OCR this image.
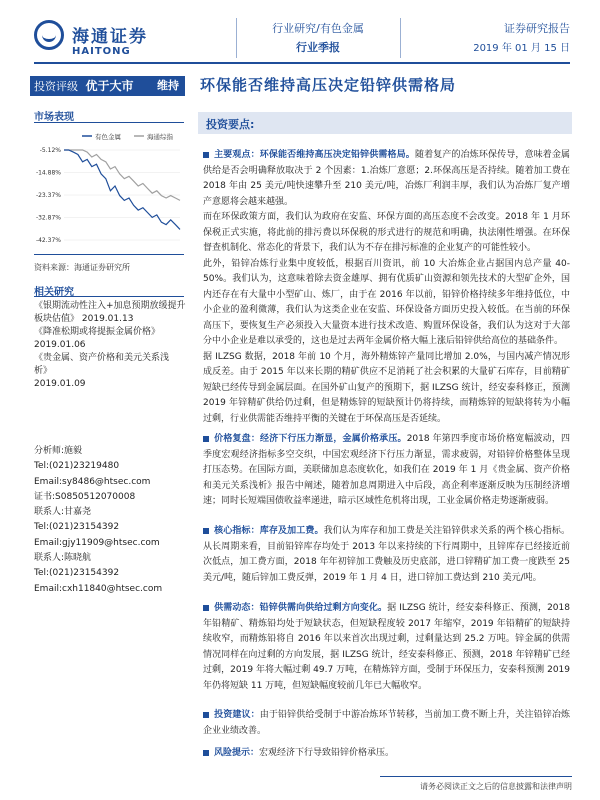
海通证券
HAITONG
行业研究/有色金属
行业季报
证券研究报告
2019 年 01 月 15 日
投资评级 优于大市 维持 环保能否维持高压决定铅锌供需格局
市场表现
有色金属	海通综指
-5.12%
-14.88%
-23.37%
-32.87%
-42.37%
资料来源：海通证券研究所
相关研究
《银期流动性注入+加息预期放缓提升板块估值》 2019.01.13
《降准松期或将提振金属价格》
2019.01.06
《贵金属、资产价格和美元关系浅析》
2019.01.09
分析师:施毅
Tel:(021)23219480
Email:sy8486@htsec.com
证书:S0850512070008
联系人:甘嘉尧
Tel:(021)23154392
Email:gjy11909@htsec.com
联系人:陈晓航
Tel:(021)23154392
Email:cxh11840@htsec.com
投资要点:

主要观点：环保能否维持高压决定铅锌供需格局。随着复产的冶炼环保传导，意味着金属供给是否会明确释放取决于 2 个因素：1.冶炼厂意愿；2.环保高压是否持续。随着加工费在 2018 年由 25 美元/吨快速攀升至 210 美元/吨，冶炼厂利润丰厚，我们认为冶炼厂复产增产意愿将会越来越强。

而在环保政策方面，我们认为政府在安监、环保方面的高压态度不会改变。2018 年 1 月环保税正式实施，将此前的排污费以环保税的形式进行的规范和明确，执法刚性增强。在环保督查机制化、常态化的背景下，我们认为不存在排污标准的企业复产的可能性较小。

此外，铅锌冶炼行业集中度较低，根据百川资讯，前 10 大冶炼企业占据国内总产量 40-50%。我们认为，这意味着除去资金雄厚、拥有优质矿山资源和领先技术的大型矿企外，国内还存在有大量中小型矿山、炼厂，由于在 2016 年以前，铅锌价格持续多年维持低位，中小企业的盈利微薄，我们认为这类企业在安监、环保设备方面历史投入较低。在当前的环保高压下，要恢复生产必须投入大量资本进行技术改造、购置环保设备，我们认为这对于大部分中小企业是难以承受的，这也是过去两年金属价格大幅上涨后铅锌供给高位的基础条件。

据 ILZSG 数据，2018 年前 10 个月，海外精炼锌产量同比增加 2.0%，与国内减产情况形成反差。由于 2015 年以来长期的精矿供应不足消耗了社会积累的大量矿石库存，目前精矿短缺已经传导到金属层面。在国外矿山复产的预期下，据 ILZSG 统计，经安泰科修正，预测 2019 年锌精矿供给仍过剩，但是精炼锌的短缺预计仍将持续，而精炼锌的短缺将转为小幅过剩，行业供需能否维持平衡的关键在于环保高压是否延续。

价格复盘：经济下行压力渐显，金属价格承压。2018 年第四季度市场价格宽幅波动，四季度宏观经济指标多空交织，中国宏观经济下行压力渐显，需求疲弱，对铅锌价格整体呈现打压态势。在国际方面，美联储加息态度软化，如我们在 2019 年 1 月《贵金属、资产价格和美元关系浅析》报告中阐述，随着加息周期进入中后段，高企利率逐渐反映为压制经济增速；同时长短端国债收益率递进，暗示区域性危机将出现，工业金属价格走势逐渐疲弱。

核心指标：库存及加工费。我们认为库存和加工费是关注铅锌供求关系的两个核心指标。从长周期来看，目前铅锌库存均处于 2013 年以来持续的下行周期中，且锌库存已经接近前次低点，加工费方面，2018 年年初锌加工费触及历史底部，进口锌精矿加工费一度跌至 25 美元/吨，随后锌加工费反弹，2019 年 1 月 4 日，进口锌加工费达到 210 美元/吨。

供需动态：铅锌供需向供给过剩方向变化。据 ILZSG 统计，经安泰科修正、预测，2018 年铅精矿、精炼铅均处于短缺状态，但短缺程度较 2017 年缩窄，2019 年铅精矿的短缺持续收窄，而精炼铅将自 2016 年以来首次出现过剩，过剩量达到 25.2 万吨。锌金属的供需情况同样在向过剩的方向发展，据 ILZSG 统计，经安泰科修正、预测，2018 年锌精矿已经过剩，2019 年将大幅过剩 49.7 万吨，在精炼锌方面，受制于环保压力，安泰科预测 2019 年仍将短缺 11 万吨，但短缺幅度较前几年已大幅收窄。

投资建议：由于铅锌供给受制于中游冶炼环节转移，当前加工费不断上升，关注铅锌冶炼企业业绩改善。

风险提示：宏观经济下行导致铅锌价格承压。

请务必阅读正文之后的信息披露和法律声明
